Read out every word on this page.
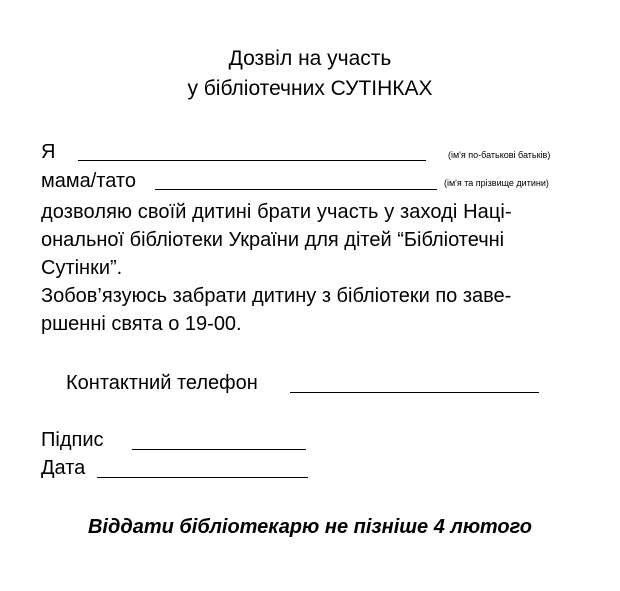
Дозвіл на участь
у бібліотечних СУТІНКАХ
Я	(ім'я по-батькові батьків)
мама/тато	(ім'я та прізвище дитини)
дозволяю своїй дитині брати участь у заході Наці-
ональної бібліотеки України для дітей “Бібліотечні
Сутінки”.
Зобов’язуюсь забрати дитину з бібліотеки по заве-
ршенні свята о 19-00.
Контактний телефон
Підпис
Дата
Віддати бібліотекарю не пізніше 4 лютого
